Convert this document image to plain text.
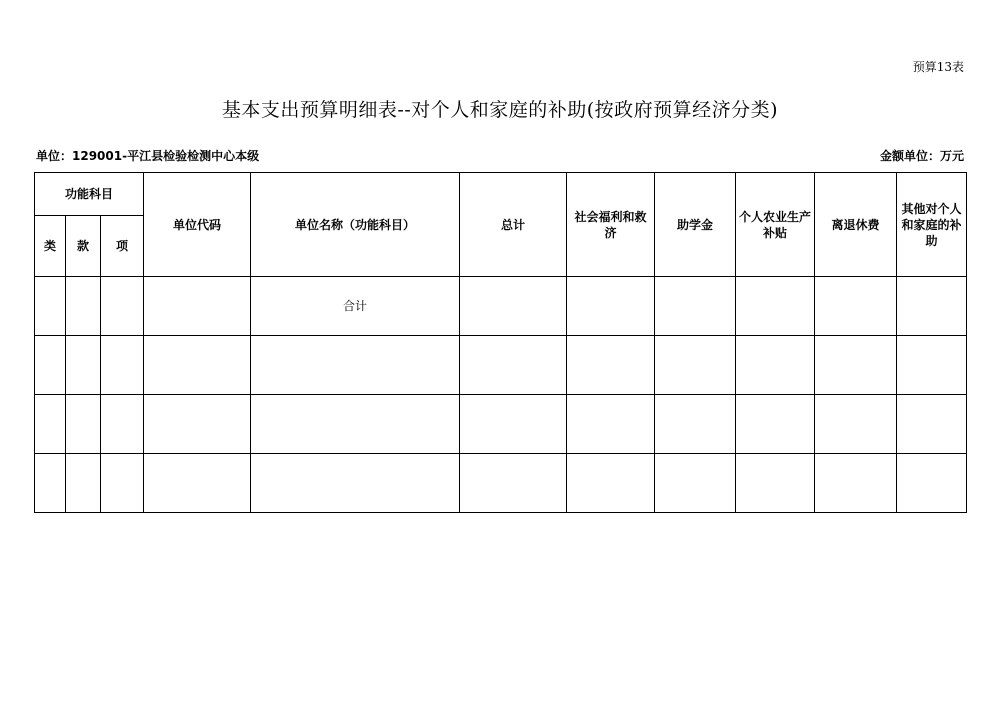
预算13表
基本支出预算明细表--对个人和家庭的补助(按政府预算经济分类)
单位：129001-平江县检验检测中心本级	金额单位：万元
功能科目			单位代码	单位名称（功能科目）	总计	社会福利和救济	助学金	个人农业生产补贴	离退休费	其他对个人和家庭的补助
类	款	项								
				合计						
